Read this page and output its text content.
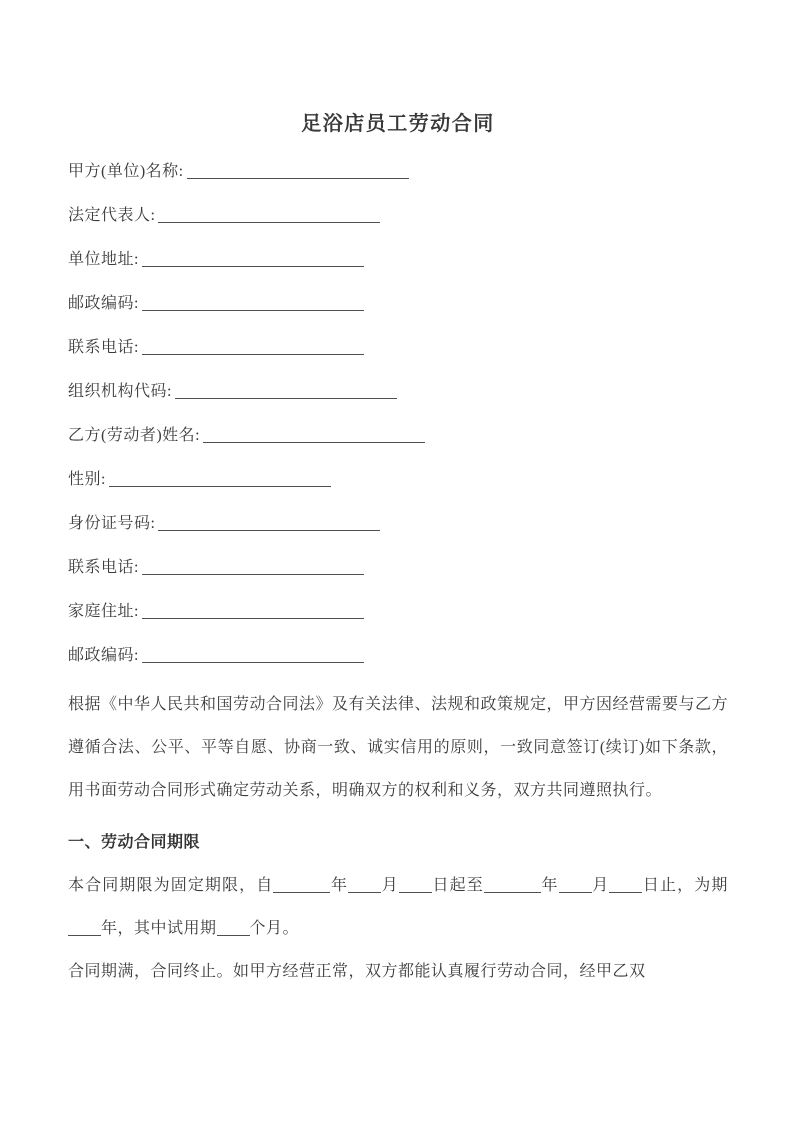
足浴店员工劳动合同
甲方(单位)名称:
法定代表人:
单位地址:
邮政编码:
联系电话:
组织机构代码:
乙方(劳动者)姓名:
性别:
身份证号码:
联系电话:
家庭住址:
邮政编码:

根据《中华人民共和国劳动合同法》及有关法律、法规和政策规定，甲方因经营需要与乙方遵循合法、公平、平等自愿、协商一致、诚实信用的原则，一致同意签订(续订)如下条款，用书面劳动合同形式确定劳动关系，明确双方的权利和义务，双方共同遵照执行。

一、劳动合同期限

本合同期限为固定期限，自	年 月 日起至	年 月 日止，为期年，其中试用期 个月。

合同期满，合同终止。如甲方经营正常，双方都能认真履行劳动合同，经甲乙双
